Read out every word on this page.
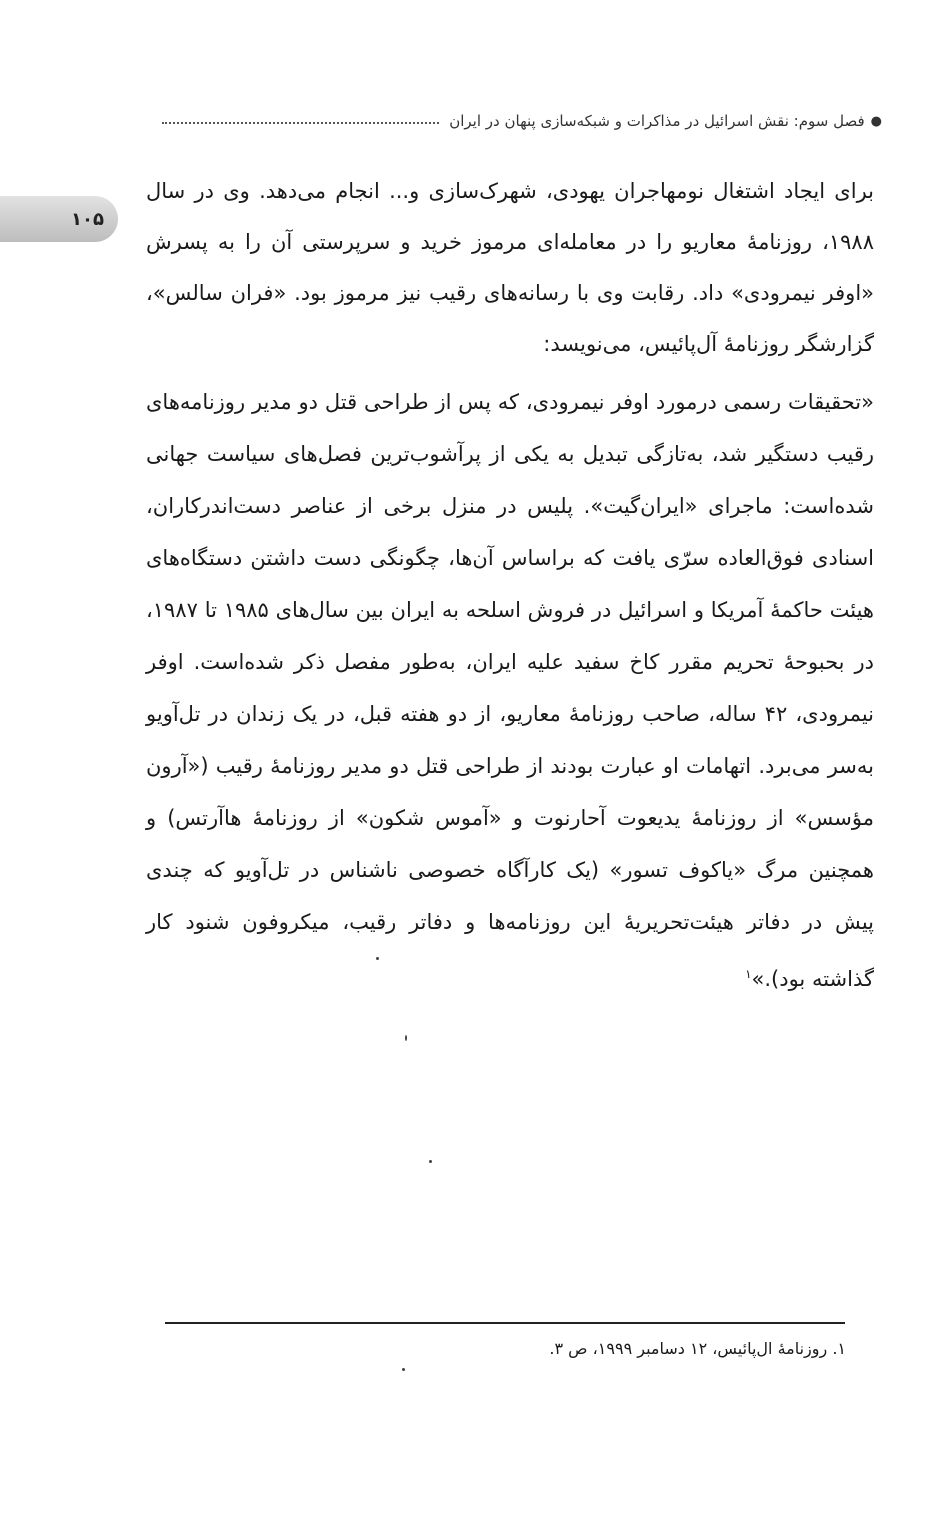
●
فصل سوم: نقش اسرائیل در مذاکرات و شبکه‌سازی پنهان در ایران
۱۰۵

برای ایجاد اشتغال نومهاجران یهودی، شهرک‌سازی و... انجام می‌دهد. وی در سال ۱۹۸۸، روزنامهٔ معاریو را در معامله‌ای مرموز خرید و سرپرستی آن را به پسرش «اوفر نیمرودی» داد. رقابت وی با رسانه‌های رقیب نیز مرموز بود. «فران سالس»، گزارشگر روزنامهٔ آل‌پائیس، می‌نویسد:

«تحقیقات رسمی درمورد اوفر نیمرودی، که پس از طراحی قتل دو مدیر روزنامه‌های رقیب دستگیر شد، به‌تازگی تبدیل به یکی از پرآشوب‌ترین فصل‌های سیاست جهانی شده‌است: ماجرای «ایران‌گیت». پلیس در منزل برخی از عناصر دست‌اندرکاران، اسنادی فوق‌العاده سرّی یافت که براساس آن‌ها، چگونگی دست داشتن دستگاه‌های هیئت حاکمهٔ آمریکا و اسرائیل در فروش اسلحه به ایران بین سال‌های ۱۹۸۵ تا ۱۹۸۷، در بحبوحهٔ تحریم مقرر کاخ سفید علیه ایران، به‌طور مفصل ذکر شده‌است. اوفر نیمرودی، ۴۲ ساله، صاحب روزنامهٔ معاریو، از دو هفته قبل، در یک زندان در تل‌آویو به‌سر می‌برد. اتهامات او عبارت بودند از طراحی قتل دو مدیر روزنامهٔ رقیب («آرون مؤسس» از روزنامهٔ یدیعوت آحارنوت و «آموس شکون» از روزنامهٔ هاآرتس) و همچنین مرگ «یاکوف تسور» (یک کارآگاه خصوصی ناشناس در تل‌آویو که چندی پیش در دفاتر هیئت‌تحریریهٔ این روزنامه‌ها و دفاتر رقیب، میکروفون شنود کار گذاشته بود).»$^۱$

۱. روزنامهٔ ال‌پائیس، ۱۲ دسامبر ۱۹۹۹، ص ۳.
